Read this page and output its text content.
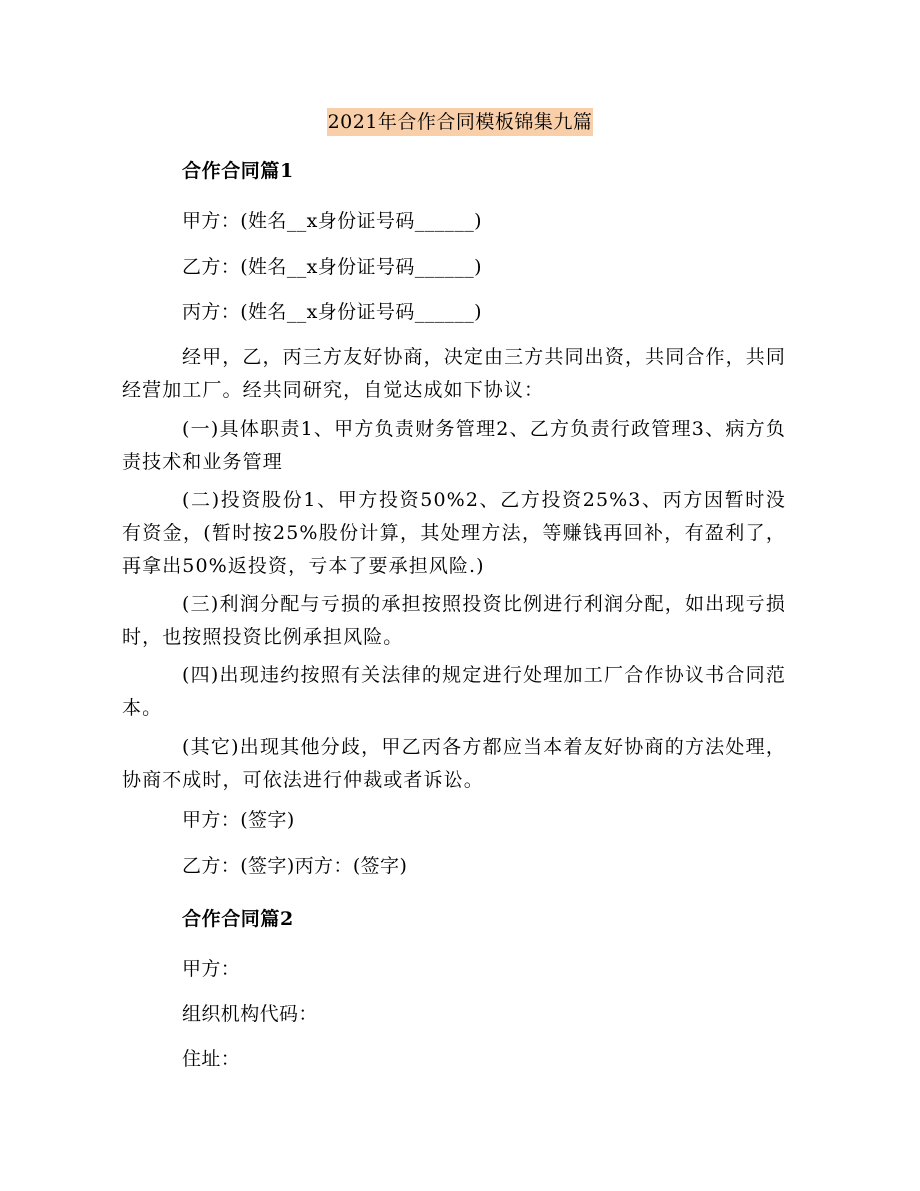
2021年合作合同模板锦集九篇
合作合同篇1
甲方：(姓名__x身份证号码______)
乙方：(姓名__x身份证号码______)
丙方：(姓名__x身份证号码______)
经甲，乙，丙三方友好协商，决定由三方共同出资，共同合作，共同经营加工厂。经共同研究，自觉达成如下协议：
(一)具体职责1、甲方负责财务管理2、乙方负责行政管理3、病方负责技术和业务管理
(二)投资股份1、甲方投资50%2、乙方投资25%3、丙方因暂时没有资金，(暂时按25%股份计算，其处理方法，等赚钱再回补，有盈利了，再拿出50%返投资，亏本了要承担风险.)
(三)利润分配与亏损的承担按照投资比例进行利润分配，如出现亏损时，也按照投资比例承担风险。
(四)出现违约按照有关法律的规定进行处理加工厂合作协议书合同范本。
(其它)出现其他分歧，甲乙丙各方都应当本着友好协商的方法处理，协商不成时，可依法进行仲裁或者诉讼。
甲方：(签字)
乙方：(签字)丙方：(签字)
合作合同篇2
甲方：
组织机构代码：
住址：
